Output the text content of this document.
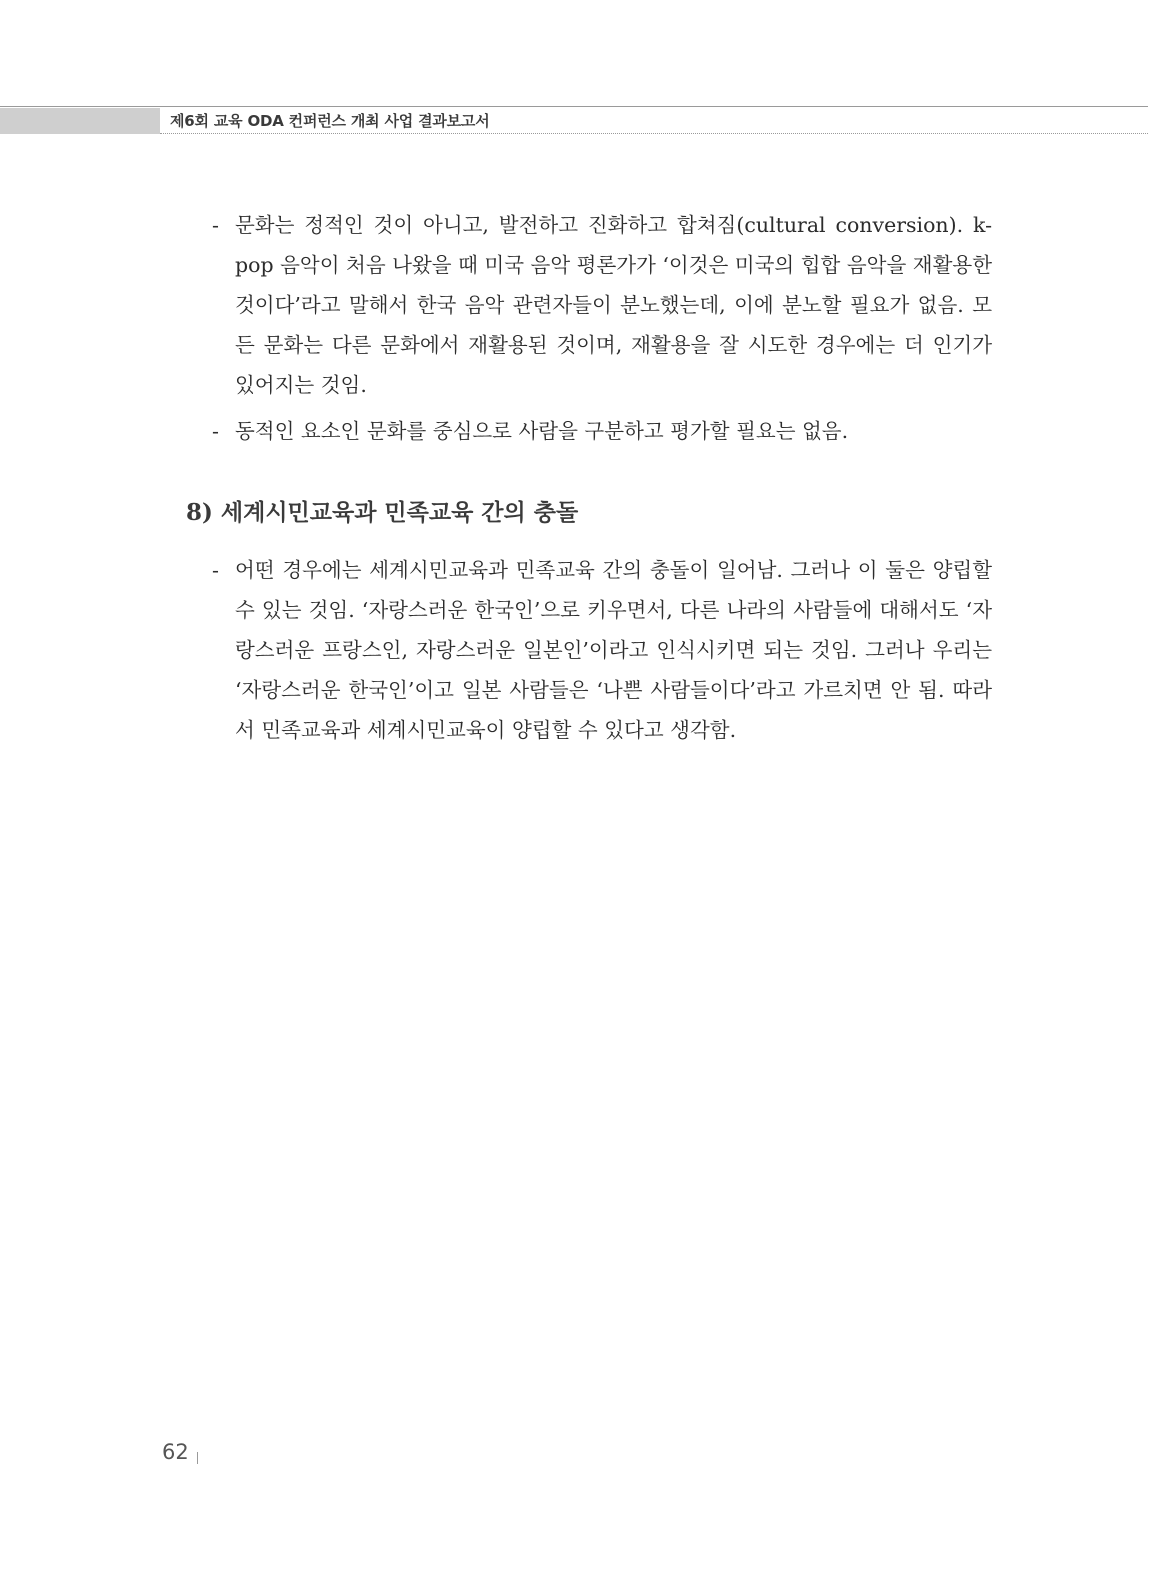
제6회 교육 ODA 컨퍼런스 개최 사업 결과보고서
- 문화는 정적인 것이 아니고, 발전하고 진화하고 합쳐짐(cultural conversion). k-pop 음악이 처음 나왔을 때 미국 음악 평론가가 ‘이것은 미국의 힙합 음악을 재활용한 것이다’라고 말해서 한국 음악 관련자들이 분노했는데, 이에 분노할 필요가 없음. 모든 문화는 다른 문화에서 재활용된 것이며, 재활용을 잘 시도한 경우에는 더 인기가 있어지는 것임.
- 동적인 요소인 문화를 중심으로 사람을 구분하고 평가할 필요는 없음.
8) 세계시민교육과 민족교육 간의 충돌
- 어떤 경우에는 세계시민교육과 민족교육 간의 충돌이 일어남. 그러나 이 둘은 양립할 수 있는 것임. ‘자랑스러운 한국인’으로 키우면서, 다른 나라의 사람들에 대해서도 ‘자랑스러운 프랑스인, 자랑스러운 일본인’이라고 인식시키면 되는 것임. 그러나 우리는 ‘자랑스러운 한국인’이고 일본 사람들은 ‘나쁜 사람들이다’라고 가르치면 안 됨. 따라서 민족교육과 세계시민교육이 양립할 수 있다고 생각함.
62
